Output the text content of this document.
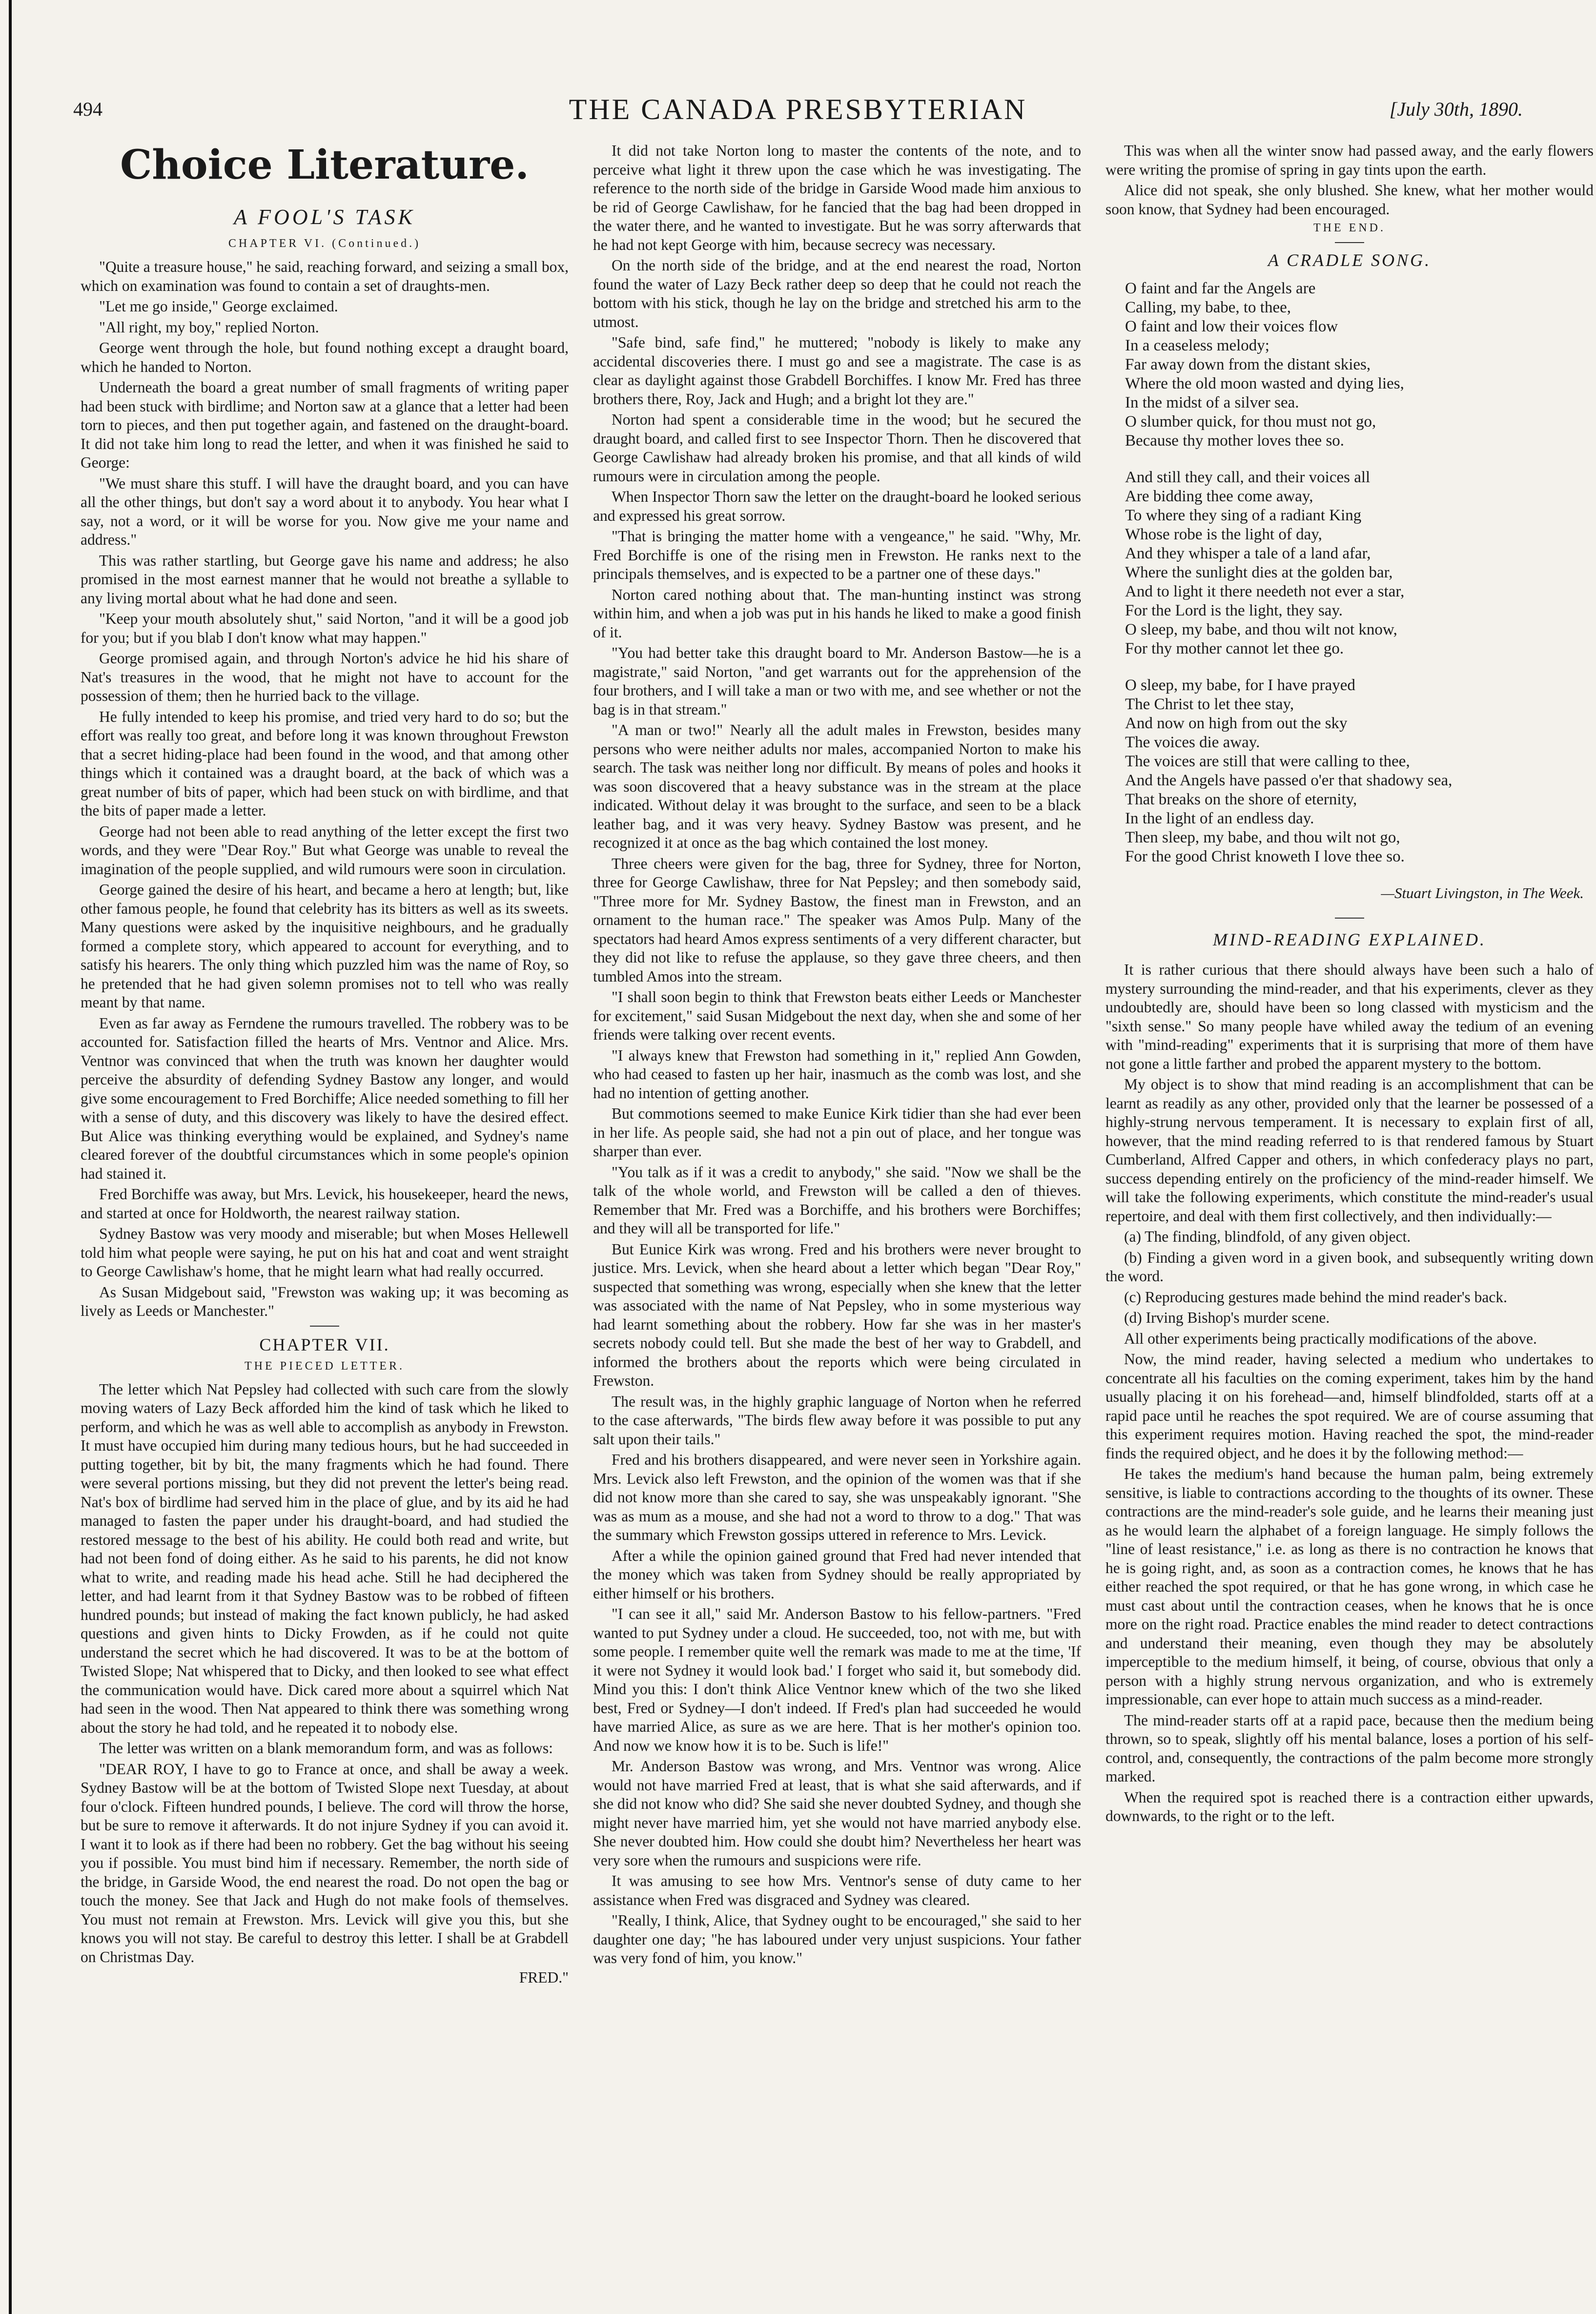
494	THE CANADA PRESBYTERIAN	[July 30th, 1890.
Choice Literature.
A FOOL'S TASK
CHAPTER VI. (Continued.)

"Quite a treasure house," he said, reaching forward, and seizing a small box, which on examination was found to contain a set of draughts-men.

"Let me go inside," George exclaimed.

"All right, my boy," replied Norton.

George went through the hole, but found nothing except a draught board, which he handed to Norton.

Underneath the board a great number of small fragments of writing paper had been stuck with birdlime; and Norton saw at a glance that a letter had been torn to pieces, and then put together again, and fastened on the draught-board. It did not take him long to read the letter, and when it was finished he said to George:

"We must share this stuff. I will have the draught board, and you can have all the other things, but don't say a word about it to anybody. You hear what I say, not a word, or it will be worse for you. Now give me your name and address."

This was rather startling, but George gave his name and address; he also promised in the most earnest manner that he would not breathe a syllable to any living mortal about what he had done and seen.

"Keep your mouth absolutely shut," said Norton, "and it will be a good job for you; but if you blab I don't know what may happen."

George promised again, and through Norton's advice he hid his share of Nat's treasures in the wood, that he might not have to account for the possession of them; then he hurried back to the village.

He fully intended to keep his promise, and tried very hard to do so; but the effort was really too great, and before long it was known throughout Frewston that a secret hiding-place had been found in the wood, and that among other things which it contained was a draught board, at the back of which was a great number of bits of paper, which had been stuck on with birdlime, and that the bits of paper made a letter.

George had not been able to read anything of the letter except the first two words, and they were "Dear Roy." But what George was unable to reveal the imagination of the people supplied, and wild rumours were soon in circulation.

George gained the desire of his heart, and became a hero at length; but, like other famous people, he found that celebrity has its bitters as well as its sweets. Many questions were asked by the inquisitive neighbours, and he gradually formed a complete story, which appeared to account for everything, and to satisfy his hearers. The only thing which puzzled him was the name of Roy, so he pretended that he had given solemn promises not to tell who was really meant by that name.

Even as far away as Ferndene the rumours travelled. The robbery was to be accounted for. Satisfaction filled the hearts of Mrs. Ventnor and Alice. Mrs. Ventnor was convinced that when the truth was known her daughter would perceive the absurdity of defending Sydney Bastow any longer, and would give some encouragement to Fred Borchiffe; Alice needed something to fill her with a sense of duty, and this discovery was likely to have the desired effect. But Alice was thinking everything would be explained, and Sydney's name cleared forever of the doubtful circumstances which in some people's opinion had stained it.

Fred Borchiffe was away, but Mrs. Levick, his housekeeper, heard the news, and started at once for Holdworth, the nearest railway station.

Sydney Bastow was very moody and miserable; but when Moses Hellewell told him what people were saying, he put on his hat and coat and went straight to George Cawlishaw's home, that he might learn what had really occurred.

As Susan Midgebout said, "Frewston was waking up; it was becoming as lively as Leeds or Manchester."

CHAPTER VII.
THE PIECED LETTER.

The letter which Nat Pepsley had collected with such care from the slowly moving waters of Lazy Beck afforded him the kind of task which he liked to perform, and which he was as well able to accomplish as anybody in Frewston. It must have occupied him during many tedious hours, but he had succeeded in putting together, bit by bit, the many fragments which he had found. There were several portions missing, but they did not prevent the letter's being read. Nat's box of birdlime had served him in the place of glue, and by its aid he had managed to fasten the paper under his draught-board, and had studied the restored message to the best of his ability. He could both read and write, but had not been fond of doing either. As he said to his parents, he did not know what to write, and reading made his head ache. Still he had deciphered the letter, and had learnt from it that Sydney Bastow was to be robbed of fifteen hundred pounds; but instead of making the fact known publicly, he had asked questions and given hints to Dicky Frowden, as if he could not quite understand the secret which he had discovered. It was to be at the bottom of Twisted Slope; Nat whispered that to Dicky, and then looked to see what effect the communication would have. Dick cared more about a squirrel which Nat had seen in the wood. Then Nat appeared to think there was something wrong about the story he had told, and he repeated it to nobody else.

The letter was written on a blank memorandum form, and was as follows:

"DEAR ROY, I have to go to France at once, and shall be away a week. Sydney Bastow will be at the bottom of Twisted Slope next Tuesday, at about four o'clock. Fifteen hundred pounds, I believe. The cord will throw the horse, but be sure to remove it afterwards. It do not injure Sydney if you can avoid it. I want it to look as if there had been no robbery. Get the bag without his seeing you if possible. You must bind him if necessary. Remember, the north side of the bridge, in Garside Wood, the end nearest the road. Do not open the bag or touch the money. See that Jack and Hugh do not make fools of themselves. You must not remain at Frewston. Mrs. Levick will give you this, but she knows you will not stay. Be careful to destroy this letter. I shall be at Grabdell on Christmas Day.

FRED."

It did not take Norton long to master the contents of the note, and to perceive what light it threw upon the case which he was investigating. The reference to the north side of the bridge in Garside Wood made him anxious to be rid of George Cawlishaw, for he fancied that the bag had been dropped in the water there, and he wanted to investigate. But he was sorry afterwards that he had not kept George with him, because secrecy was necessary.

On the north side of the bridge, and at the end nearest the road, Norton found the water of Lazy Beck rather deep so deep that he could not reach the bottom with his stick, though he lay on the bridge and stretched his arm to the utmost.

"Safe bind, safe find," he muttered; "nobody is likely to make any accidental discoveries there. I must go and see a magistrate. The case is as clear as daylight against those Grabdell Borchiffes. I know Mr. Fred has three brothers there, Roy, Jack and Hugh; and a bright lot they are."

Norton had spent a considerable time in the wood; but he secured the draught board, and called first to see Inspector Thorn. Then he discovered that George Cawlishaw had already broken his promise, and that all kinds of wild rumours were in circulation among the people.

When Inspector Thorn saw the letter on the draught-board he looked serious and expressed his great sorrow.

"That is bringing the matter home with a vengeance," he said. "Why, Mr. Fred Borchiffe is one of the rising men in Frewston. He ranks next to the principals themselves, and is expected to be a partner one of these days."

Norton cared nothing about that. The man-hunting instinct was strong within him, and when a job was put in his hands he liked to make a good finish of it.

"You had better take this draught board to Mr. Anderson Bastow—he is a magistrate," said Norton, "and get warrants out for the apprehension of the four brothers, and I will take a man or two with me, and see whether or not the bag is in that stream."

"A man or two!" Nearly all the adult males in Frewston, besides many persons who were neither adults nor males, accompanied Norton to make his search. The task was neither long nor difficult. By means of poles and hooks it was soon discovered that a heavy substance was in the stream at the place indicated. Without delay it was brought to the surface, and seen to be a black leather bag, and it was very heavy. Sydney Bastow was present, and he recognized it at once as the bag which contained the lost money.

Three cheers were given for the bag, three for Sydney, three for Norton, three for George Cawlishaw, three for Nat Pepsley; and then somebody said, "Three more for Mr. Sydney Bastow, the finest man in Frewston, and an ornament to the human race." The speaker was Amos Pulp. Many of the spectators had heard Amos express sentiments of a very different character, but they did not like to refuse the applause, so they gave three cheers, and then tumbled Amos into the stream.

"I shall soon begin to think that Frewston beats either Leeds or Manchester for excitement," said Susan Midgebout the next day, when she and some of her friends were talking over recent events.

"I always knew that Frewston had something in it," replied Ann Gowden, who had ceased to fasten up her hair, inasmuch as the comb was lost, and she had no intention of getting another.

But commotions seemed to make Eunice Kirk tidier than she had ever been in her life. As people said, she had not a pin out of place, and her tongue was sharper than ever.

"You talk as if it was a credit to anybody," she said. "Now we shall be the talk of the whole world, and Frewston will be called a den of thieves. Remember that Mr. Fred was a Borchiffe, and his brothers were Borchiffes; and they will all be transported for life."

But Eunice Kirk was wrong. Fred and his brothers were never brought to justice. Mrs. Levick, when she heard about a letter which began "Dear Roy," suspected that something was wrong, especially when she knew that the letter was associated with the name of Nat Pepsley, who in some mysterious way had learnt something about the robbery. How far she was in her master's secrets nobody could tell. But she made the best of her way to Grabdell, and informed the brothers about the reports which were being circulated in Frewston.

The result was, in the highly graphic language of Norton when he referred to the case afterwards, "The birds flew away before it was possible to put any salt upon their tails."

Fred and his brothers disappeared, and were never seen in Yorkshire again. Mrs. Levick also left Frewston, and the opinion of the women was that if she did not know more than she cared to say, she was unspeakably ignorant. "She was as mum as a mouse, and she had not a word to throw to a dog." That was the summary which Frewston gossips uttered in reference to Mrs. Levick.

After a while the opinion gained ground that Fred had never intended that the money which was taken from Sydney should be really appropriated by either himself or his brothers.

"I can see it all," said Mr. Anderson Bastow to his fellow-partners. "Fred wanted to put Sydney under a cloud. He succeeded, too, not with me, but with some people. I remember quite well the remark was made to me at the time, 'If it were not Sydney it would look bad.' I forget who said it, but somebody did. Mind you this: I don't think Alice Ventnor knew which of the two she liked best, Fred or Sydney—I don't indeed. If Fred's plan had succeeded he would have married Alice, as sure as we are here. That is her mother's opinion too. And now we know how it is to be. Such is life!"

Mr. Anderson Bastow was wrong, and Mrs. Ventnor was wrong. Alice would not have married Fred at least, that is what she said afterwards, and if she did not know who did? She said she never doubted Sydney, and though she might never have married him, yet she would not have married anybody else. She never doubted him. How could she doubt him? Nevertheless her heart was very sore when the rumours and suspicions were rife.

It was amusing to see how Mrs. Ventnor's sense of duty came to her assistance when Fred was disgraced and Sydney was cleared.

"Really, I think, Alice, that Sydney ought to be encouraged," she said to her daughter one day; "he has laboured under very unjust suspicions. Your father was very fond of him, you know."

This was when all the winter snow had passed away, and the early flowers were writing the promise of spring in gay tints upon the earth.

Alice did not speak, she only blushed. She knew, what her mother would soon know, that Sydney had been encouraged.

THE END.
A CRADLE SONG.
O faint and far the Angels are
Calling, my babe, to thee,
O faint and low their voices flow
In a ceaseless melody;
Far away down from the distant skies,
Where the old moon wasted and dying lies,
In the midst of a silver sea.
O slumber quick, for thou must not go,
Because thy mother loves thee so.
And still they call, and their voices all
Are bidding thee come away,
To where they sing of a radiant King
Whose robe is the light of day,
And they whisper a tale of a land afar,
Where the sunlight dies at the golden bar,
And to light it there needeth not ever a star,
For the Lord is the light, they say.
O sleep, my babe, and thou wilt not know,
For thy mother cannot let thee go.
O sleep, my babe, for I have prayed
The Christ to let thee stay,
And now on high from out the sky
The voices die away.
The voices are still that were calling to thee,
And the Angels have passed o'er that shadowy sea,
That breaks on the shore of eternity,
In the light of an endless day.
Then sleep, my babe, and thou wilt not go,
For the good Christ knoweth I love thee so.
—Stuart Livingston, in The Week.
MIND-READING EXPLAINED.

It is rather curious that there should always have been such a halo of mystery surrounding the mind-reader, and that his experiments, clever as they undoubtedly are, should have been so long classed with mysticism and the "sixth sense." So many people have whiled away the tedium of an evening with "mind-reading" experiments that it is surprising that more of them have not gone a little farther and probed the apparent mystery to the bottom.

My object is to show that mind reading is an accomplishment that can be learnt as readily as any other, provided only that the learner be possessed of a highly-strung nervous temperament. It is necessary to explain first of all, however, that the mind reading referred to is that rendered famous by Stuart Cumberland, Alfred Capper and others, in which confederacy plays no part, success depending entirely on the proficiency of the mind-reader himself. We will take the following experiments, which constitute the mind-reader's usual repertoire, and deal with them first collectively, and then individually:—

(a) The finding, blindfold, of any given object.

(b) Finding a given word in a given book, and subsequently writing down the word.

(c) Reproducing gestures made behind the mind reader's back.

(d) Irving Bishop's murder scene.

All other experiments being practically modifications of the above.

Now, the mind reader, having selected a medium who undertakes to concentrate all his faculties on the coming experiment, takes him by the hand usually placing it on his forehead—and, himself blindfolded, starts off at a rapid pace until he reaches the spot required. We are of course assuming that this experiment requires motion. Having reached the spot, the mind-reader finds the required object, and he does it by the following method:—

He takes the medium's hand because the human palm, being extremely sensitive, is liable to contractions according to the thoughts of its owner. These contractions are the mind-reader's sole guide, and he learns their meaning just as he would learn the alphabet of a foreign language. He simply follows the "line of least resistance," i.e. as long as there is no contraction he knows that he is going right, and, as soon as a contraction comes, he knows that he has either reached the spot required, or that he has gone wrong, in which case he must cast about until the contraction ceases, when he knows that he is once more on the right road. Practice enables the mind reader to detect contractions and understand their meaning, even though they may be absolutely imperceptible to the medium himself, it being, of course, obvious that only a person with a highly strung nervous organization, and who is extremely impressionable, can ever hope to attain much success as a mind-reader.

The mind-reader starts off at a rapid pace, because then the medium being thrown, so to speak, slightly off his mental balance, loses a portion of his self-control, and, consequently, the contractions of the palm become more strongly marked.

When the required spot is reached there is a contraction either upwards, downwards, to the right or to the left.
